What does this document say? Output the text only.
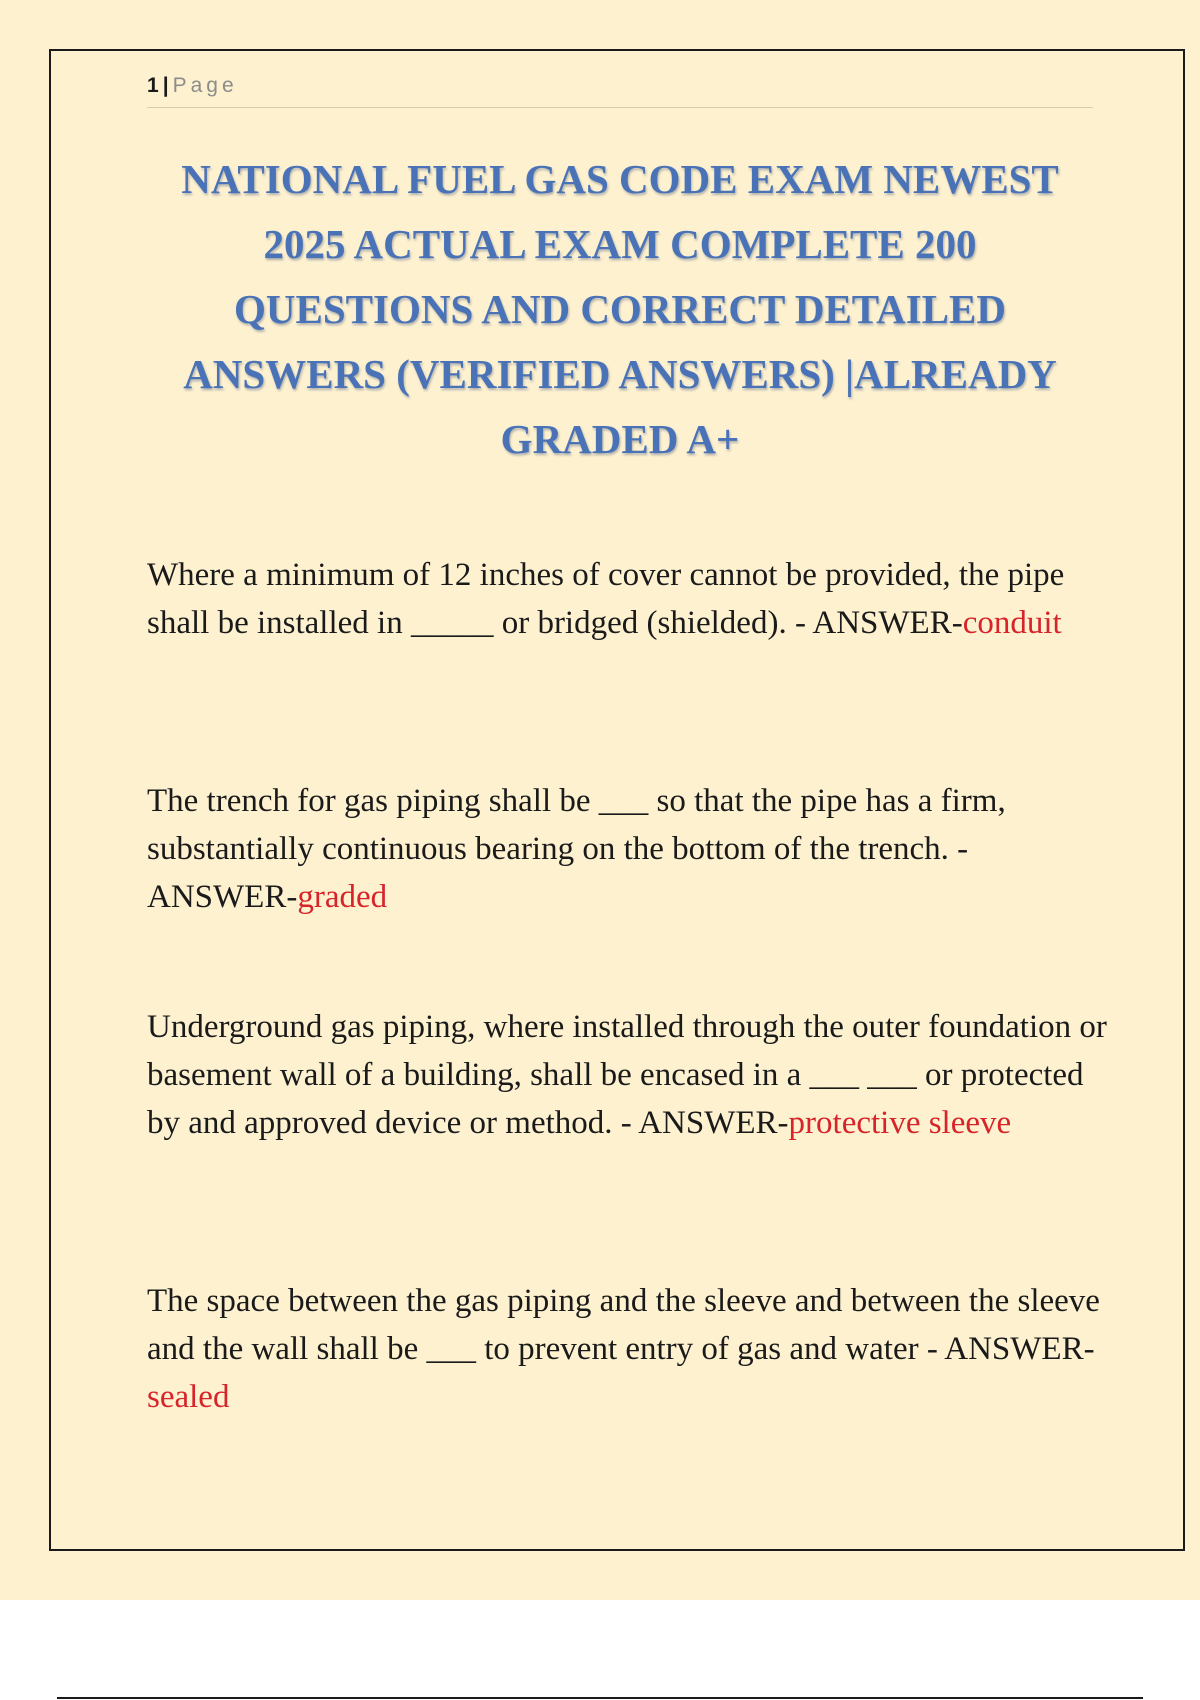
1 | Page
NATIONAL FUEL GAS CODE EXAM NEWEST 2025 ACTUAL EXAM COMPLETE 200 QUESTIONS AND CORRECT DETAILED ANSWERS (VERIFIED ANSWERS) |ALREADY GRADED A+

Where a minimum of 12 inches of cover cannot be provided, the pipe shall be installed in _____ or bridged (shielded). - ANSWER-conduit

The trench for gas piping shall be ___ so that the pipe has a firm, substantially continuous bearing on the bottom of the trench. - ANSWER-graded

Underground gas piping, where installed through the outer foundation or basement wall of a building, shall be encased in a ___ ___ or protected by and approved device or method. - ANSWER-protective sleeve

The space between the gas piping and the sleeve and between the sleeve and the wall shall be ___ to prevent entry of gas and water - ANSWER-sealed
